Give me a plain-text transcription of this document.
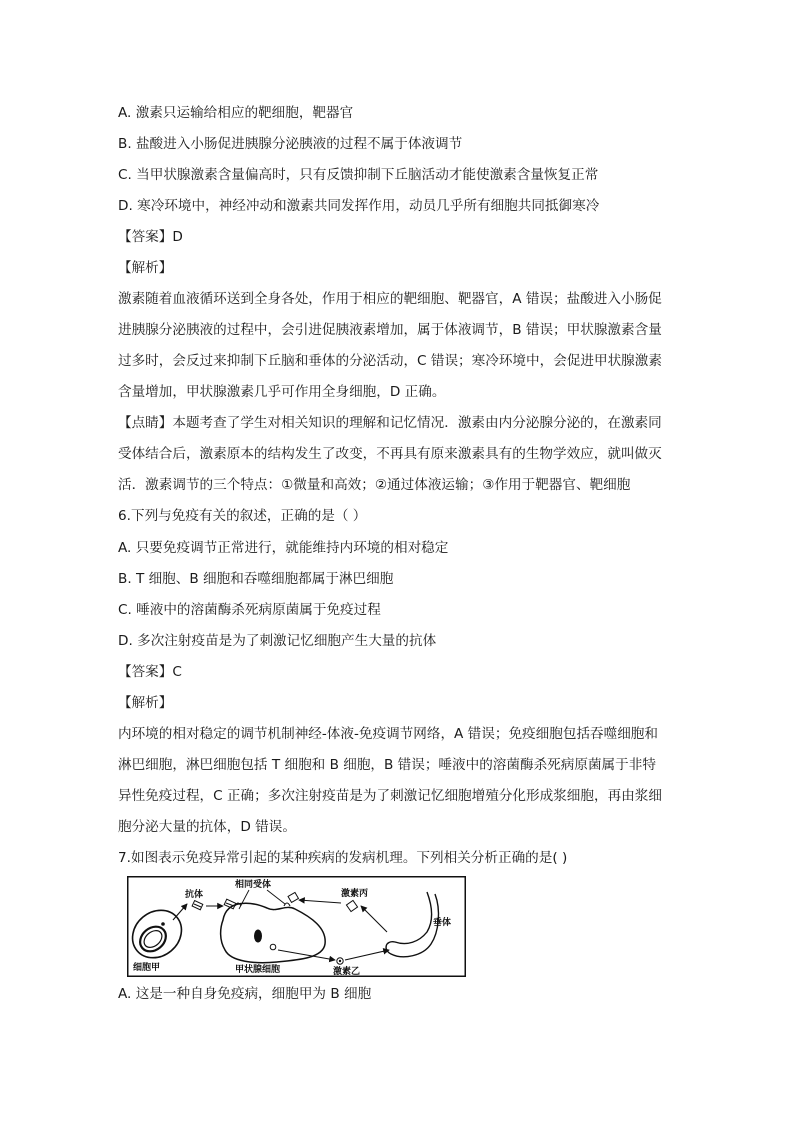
A. 激素只运输给相应的靶细胞，靶器官
B. 盐酸进入小肠促进胰腺分泌胰液的过程不属于体液调节
C. 当甲状腺激素含量偏高时，只有反馈抑制下丘脑活动才能使激素含量恢复正常
D. 寒冷环境中，神经冲动和激素共同发挥作用，动员几乎所有细胞共同抵御寒冷
【答案】D
【解析】
激素随着血液循环送到全身各处，作用于相应的靶细胞、靶器官，A 错误；盐酸进入小肠促
进胰腺分泌胰液的过程中，会引进促胰液素增加，属于体液调节，B 错误；甲状腺激素含量
过多时，会反过来抑制下丘脑和垂体的分泌活动，C 错误；寒冷环境中，会促进甲状腺激素
含量增加，甲状腺激素几乎可作用全身细胞，D 正确。
【点睛】本题考查了学生对相关知识的理解和记忆情况．激素由内分泌腺分泌的，在激素同
受体结合后，激素原本的结构发生了改变，不再具有原来激素具有的生物学效应，就叫做灭
活．激素调节的三个特点：①微量和高效；②通过体液运输；③作用于靶器官、靶细胞
6.下列与免疫有关的叙述，正确的是（ ）
A. 只要免疫调节正常进行，就能维持内环境的相对稳定
B. T 细胞、B 细胞和吞噬细胞都属于淋巴细胞
C. 唾液中的溶菌酶杀死病原菌属于免疫过程
D. 多次注射疫苗是为了刺激记忆细胞产生大量的抗体
【答案】C
【解析】
内环境的相对稳定的调节机制神经-体液-免疫调节网络，A 错误；免疫细胞包括吞噬细胞和
淋巴细胞，淋巴细胞包括 T 细胞和 B 细胞，B 错误；唾液中的溶菌酶杀死病原菌属于非特
异性免疫过程，C 正确；多次注射疫苗是为了刺激记忆细胞增殖分化形成浆细胞，再由浆细
胞分泌大量的抗体，D 错误。
7.如图表示免疫异常引起的某种疾病的发病机理。下列相关分析正确的是( )
A. 这是一种自身免疫病，细胞甲为 B 细胞
细胞甲
抗体
相同受体
甲状腺细胞	激素乙
垂体
激素丙
